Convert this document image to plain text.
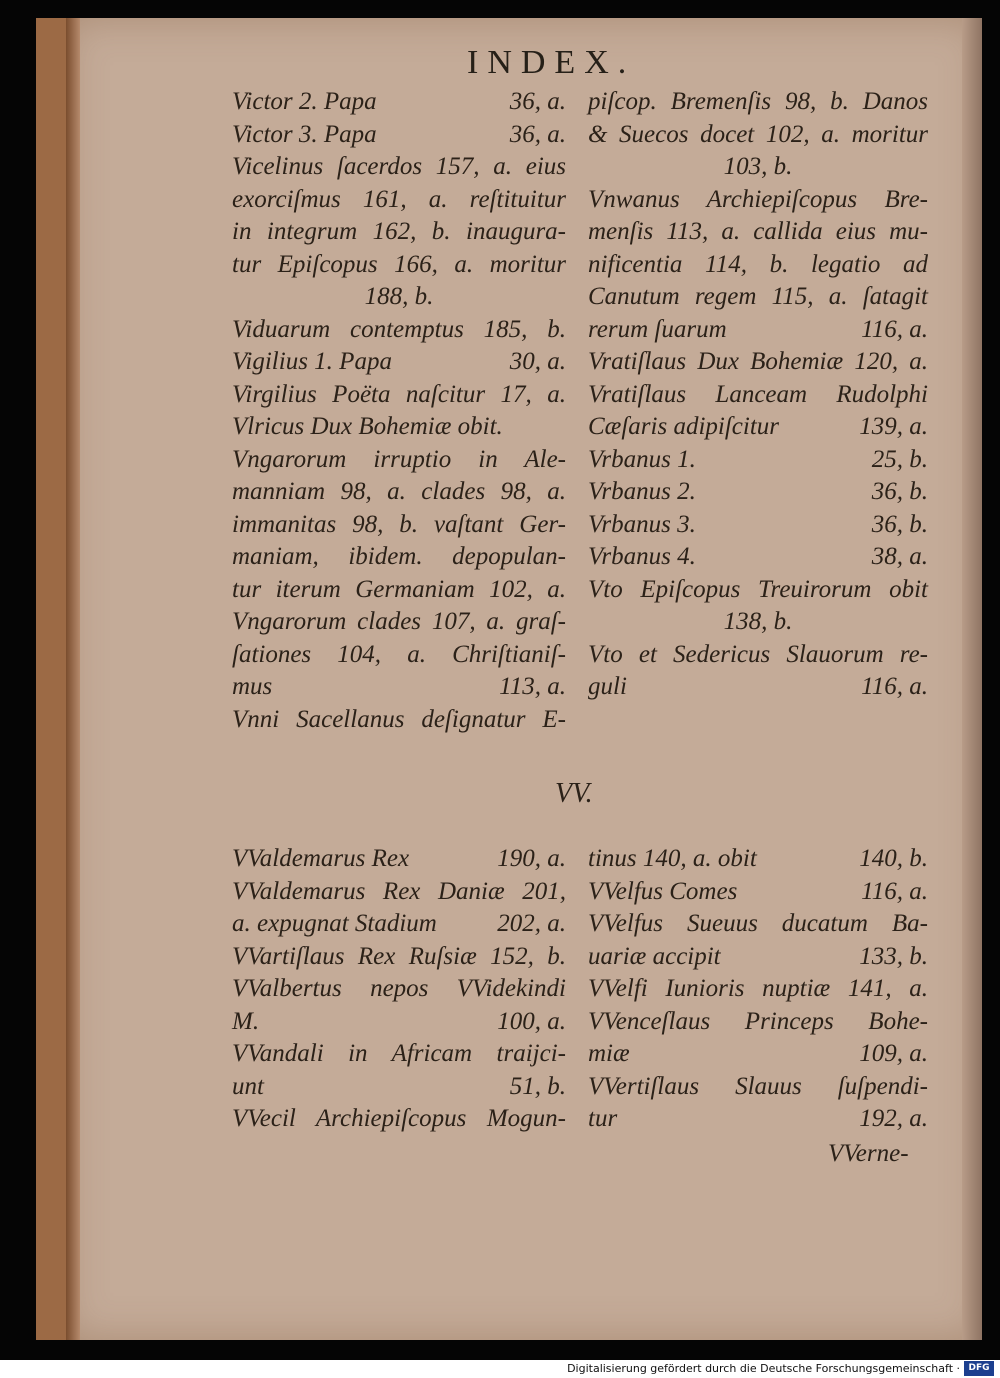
INDEX.
Victor 2. Papa	36, a.
Victor 3. Papa	36, a.
Vicelinus ſacerdos 157, a. eius
exorciſmus 161, a. reſtituitur
in integrum 162, b. inaugura-
tur Epiſcopus 166, a. moritur
188, b.
Viduarum contemptus 185, b.
Vigilius 1. Papa	30, a.
Virgilius Poëta naſcitur 17, a.
Vlricus Dux Bohemiæ obit.
Vngarorum irruptio in Ale-
manniam 98, a. clades 98, a.
immanitas 98, b. vaſtant Ger-
maniam, ibidem. depopulan-
tur iterum Germaniam 102, a.
Vngarorum clades 107, a. graſ-
ſationes 104, a. Chriſtianiſ-
mus	113, a.
Vnni Sacellanus deſignatur E-
piſcop. Bremenſis 98, b. Danos
& Suecos docet 102, a. moritur
103, b.
Vnwanus Archiepiſcopus Bre-
menſis 113, a. callida eius mu-
nificentia 114, b. legatio ad
Canutum regem 115, a. ſatagit
rerum ſuarum	116, a.
Vratiſlaus Dux Bohemiæ 120, a.
Vratiſlaus Lanceam Rudolphi
Cæſaris adipiſcitur	139, a.
Vrbanus 1.	25, b.
Vrbanus 2.	36, b.
Vrbanus 3.	36, b.
Vrbanus 4.	38, a.
Vto Epiſcopus Treuirorum obit
138, b.
Vto et Sedericus Slauorum re-
guli	116, a.
VV.
VValdemarus Rex	190, a.
VValdemarus Rex Daniæ 201,
a. expugnat Stadium 202, a.
VVartiſlaus Rex Ruſsiæ 152, b.
VValbertus nepos VVidekindi
M.	100, a.
VVandali in Africam traijci-
unt	51, b.
VVecil Archiepiſcopus Mogun-
tinus 140, a. obit	140, b.
VVelfus Comes	116, a.
VVelfus Sueuus ducatum Ba-
uariæ accipit	133, b.
VVelfi Iunioris nuptiæ 141, a.
VVenceſlaus Princeps Bohe-
miæ	109, a.
VVertiſlaus Slauus ſuſpendi-
tur	192, a.
VVerne-
Digitalisierung gefördert durch die Deutsche Forschungsgemeinschaft · DFG
